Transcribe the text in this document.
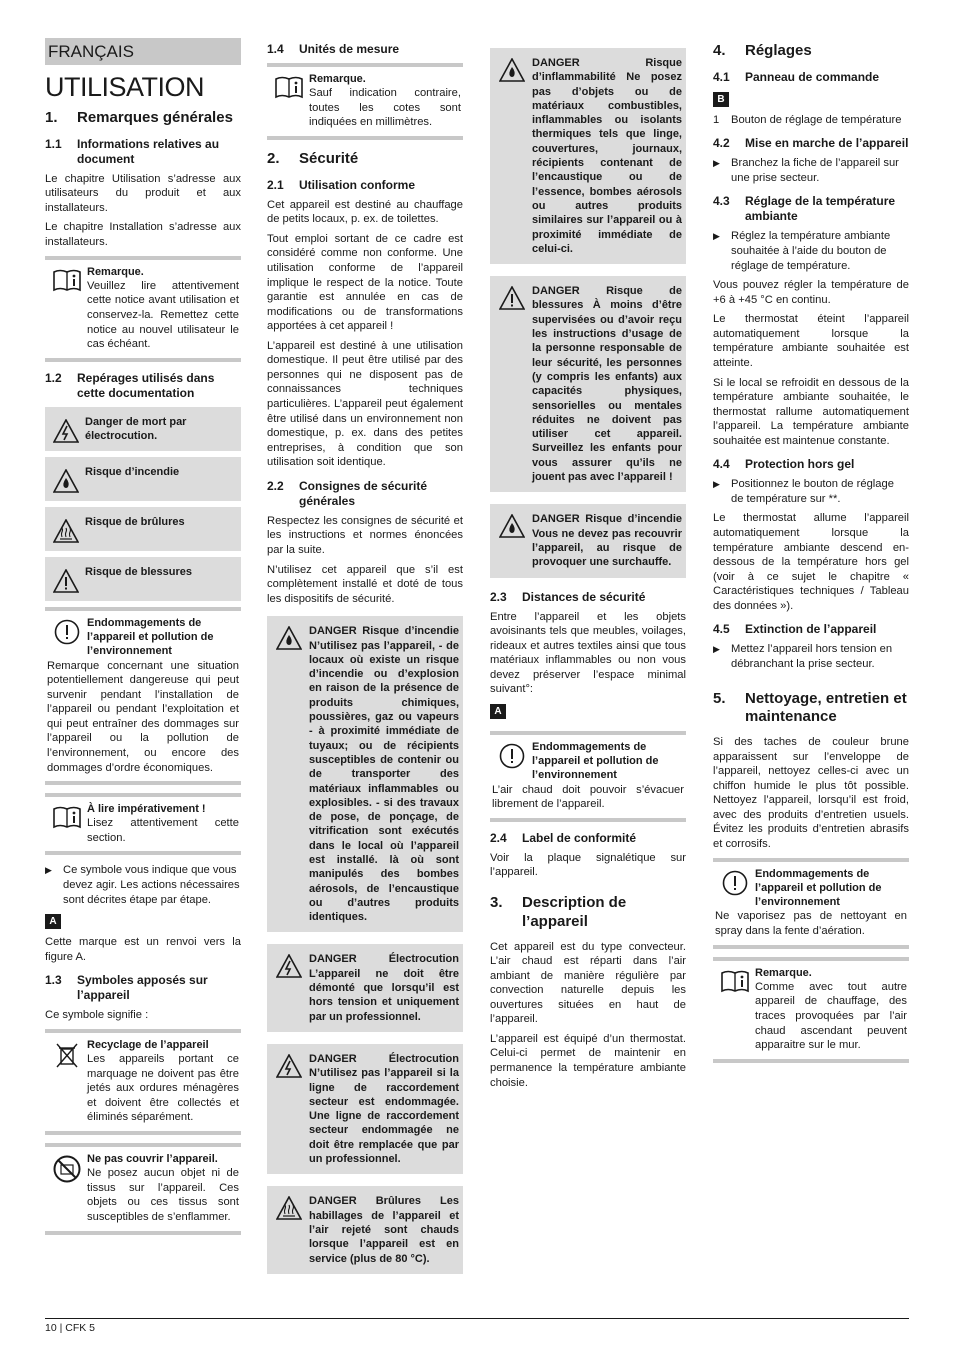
FRANÇAIS
UTILISATION
1.	Remarques générales
1.1	Informations relatives au document

Le chapitre Utilisation s’adresse aux utilisateurs du produit et aux installateurs.

Le chapitre Installation s’adresse aux installateurs.

Remarque.

Veuillez lire attentivement cette notice avant utilisation et conservez-la. Remettez cette notice au nouvel utilisateur le cas échéant.

1.2	Repérages utilisés dans cette documentation
Danger de mort par électrocution.
Risque d’incendie
Risque de brûlures
Risque de blessures
Endommagements de l’appareil et pollution de l’environnement

Remarque concernant une situation potentiellement dangereuse qui peut survenir pendant l’installation de l’appareil ou pendant l’exploitation et qui peut entraîner des dommages sur l’appareil ou la pollution de l’environnement, ou encore des dommages d’ordre économiques.

À lire impérativement !

Lisez attentivement cette section.

▶ Ce symbole vous indique que vous devez agir. Les actions nécessaires sont décrites étape par étape.
A

Cette marque est un renvoi vers la figure A.

1.3	Symboles apposés sur l’appareil

Ce symbole signifie :

Recyclage de l’appareil

Les appareils portant ce marquage ne doivent pas être jetés aux ordures ménagères et doivent être collectés et éliminés séparément.

Ne pas couvrir l’appareil.

Ne posez aucun objet ni de tissus sur l’appareil. Ces objets ou ces tissus sont susceptibles de s’enflammer.

1.4	Unités de mesure
Remarque.

Sauf indication contraire, toutes les cotes sont indiquées en millimètres.

2.	Sécurité
2.1	Utilisation conforme

Cet appareil est destiné au chauffage de petits locaux, p. ex. de toilettes.

Tout emploi sortant de ce cadre est considéré comme non conforme. Une utilisation conforme de l’appareil implique le respect de la notice. Toute garantie est annulée en cas de modifications ou de transformations apportées à cet appareil !

L’appareil est destiné à une utilisation domestique. Il peut être utilisé par des personnes qui ne disposent pas de connaissances techniques particulières. L’appareil peut également être utilisé dans un environnement non domestique, p. ex. dans des petites entreprises, à condition que son utilisation soit identique.

2.2	Consignes de sécurité générales

Respectez les consignes de sécurité et les instructions et normes énoncées par la suite.

N’utilisez cet appareil que s’il est complètement installé et doté de tous les dispositifs de sécurité.

DANGER Risque d’incendie N’utilisez pas l’appareil, - de locaux où existe un risque d’incendie ou d’explosion en raison de la présence de produits chimiques, poussières, gaz ou vapeurs - à proximité immédiate de tuyaux; ou de récipients susceptibles de contenir ou de transporter des matériaux inflammables ou explosibles. - si des travaux de pose, de ponçage, de vitrification sont exécutés dans le local où l’appareil est installé. là où sont manipulés des bombes aérosols, de l’encaustique ou d’autres produits identiques.
DANGER Électrocution L’appareil ne doit être démonté que lorsqu’il est hors tension et uniquement par un professionnel.
DANGER Électrocution N’utilisez pas l’appareil si la ligne de raccordement secteur est endommagée. Une ligne de raccordement secteur endommagée ne doit être remplacée que par un professionnel.
DANGER Brûlures Les habillages de l’appareil et l’air rejeté sont chauds lorsque l’appareil est en service (plus de 80 °C).
DANGER Risque d’inflammabilité Ne posez pas d’objets ou de matériaux combustibles, inflammables ou isolants thermiques tels que linge, couvertures, journaux, récipients contenant de l’encaustique ou de l’essence, bombes aérosols ou autres produits similaires sur l’appareil ou à proximité immédiate de celui-ci.
DANGER Risque de blessures À moins d’être supervisées ou d’avoir reçu les instructions d’usage de la personne responsable de leur sécurité, les personnes (y compris les enfants) aux capacités physiques, sensorielles ou mentales réduites ne doivent pas utiliser cet appareil. Surveillez les enfants pour vous assurer qu’ils ne jouent pas avec l’appareil !
DANGER Risque d’incendie Vous ne devez pas recouvrir l’appareil, au risque de provoquer une surchauffe.
2.3	Distances de sécurité

Entre l’appareil et les objets avoisinants tels que meubles, voilages, rideaux et autres textiles ainsi que tous matériaux inflammables ou non vous devez préserver l’espace minimal suivant°:

A
Endommagements de l’appareil et pollution de l’environnement

L’air chaud doit pouvoir s’évacuer librement de l’appareil.

2.4	Label de conformité

Voir la plaque signalétique sur l’appareil.

3.	Description de l’appareil

Cet appareil est du type convecteur. L’air chaud est réparti dans l’air ambiant de manière régulière par convection naturelle depuis les ouvertures situées en haut de l’appareil.

L’appareil est équipé d’un thermostat. Celui-ci permet de maintenir en permanence la température ambiante choisie.

4.	Réglages
4.1	Panneau de commande
B
1	Bouton de réglage de température
4.2	Mise en marche de l’appareil
▶ Branchez la fiche de l’appareil sur une prise secteur.
4.3	Réglage de la température ambiante
▶ Réglez la température ambiante souhaitée à l’aide du bouton de réglage de température.

Vous pouvez régler la température de +6 à +45 °C en continu.

Le thermostat éteint l’appareil automatiquement lorsque la température ambiante souhaitée est atteinte.

Si le local se refroidit en dessous de la température ambiante souhaitée, le thermostat rallume automatiquement l’appareil. La température ambiante souhaitée est maintenue constante.

4.4	Protection hors gel
▶ Positionnez le bouton de réglage de température sur **.

Le thermostat allume l’appareil automatiquement lorsque la température ambiante descend en-dessous de la température hors gel (voir à ce sujet le chapitre « Caractéristiques techniques / Tableau des données »).

4.5	Extinction de l’appareil
▶ Mettez l’appareil hors tension en débranchant la prise secteur.
5.	Nettoyage, entretien et maintenance

Si des taches de couleur brune apparaissent sur l’enveloppe de l’appareil, nettoyez celles-ci avec un chiffon humide le plus tôt possible. Nettoyez l’appareil, lorsqu’il est froid, avec des produits d’entretien usuels. Évitez les produits d’entretien abrasifs et corrosifs.

Endommagements de l’appareil et pollution de l’environnement

Ne vaporisez pas de nettoyant en spray dans la fente d’aération.

Remarque.

Comme avec tout autre appareil de chauffage, des traces provoquées par l’air chaud ascendant peuvent apparaitre sur le mur.

10 | CFK 5
